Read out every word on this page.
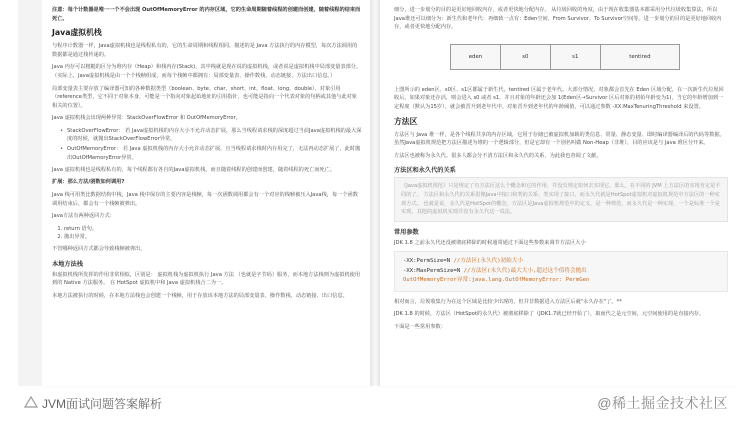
注意：每个计数器是唯一一个不会出现 OutOfMemoryError 的内存区域，它的生命周期随着线程的创建而创建，随着线程的结束而死亡。

Java虚拟机栈

与程序计数器一样，Java虚拟机栈也是线程私有的，它的生命周期和线程相同，描述的是 Java 方法执行的内存模型，每次方法调用的数据都是通过栈传递的。

Java 内存可以粗糙的区分为堆内存（Heap）和栈内存(Stack)，其中栈就是现在说的虚拟机栈，或者说是虚拟机栈中局部变量表部分。（实际上，Java虚拟机栈是由一个个栈帧组成，而每个栈帧中都拥有：局部变量表、操作数栈、动态链接、方法出口信息。）

局部变量表主要存放了编译器可知的各种数据类型（boolean、byte、char、short、int、float、long、double）、对象引用（reference类型，它不同于对象本身，可能是一个指向对象起始地址的引用指针，也可能是指向一个代表对象的句柄或其他与此对象相关的位置）。

Java 虚拟机栈会出现两种异常：StackOverFlowError 和 OutOfMemoryError。

• StackOverFlowError： 若 Java虚拟机栈的内存大小不允许动态扩展，那么当线程请求栈的深度超过当前Java虚拟机栈的最大深度的时候，就抛出StackOverFlowError异常。
• OutOfMemoryError： 若 Java 虚拟机栈的内存大小允许动态扩展，且当线程请求栈时内存用完了，无法再动态扩展了，此时抛出OutOfMemoryError异常。

Java 虚拟机栈也是线程私有的，每个线程都有各自的Java虚拟机栈，而且随着线程的创建而创建，随着线程的死亡而死亡。

扩展：那么方法/函数如何调用?

Java 栈可用类比数据结构中栈，Java 栈中保存的主要内容是栈帧，每一次函数调用都会有一个对应的栈帧被压入Java栈，每一个函数调用结束后，都会有一个栈帧被弹出。

Java方法有两种返回方式：

1. return 语句。
2. 抛出异常。

不管哪种返回方式都会导致栈帧被弹出。

本地方法栈

和虚拟机栈所发挥的作用非常相似，区别是： 虚拟机栈为虚拟机执行 Java 方法 （也就是字节码）服务，而本地方法栈则为虚拟机使用到的 Native 方法服务。 在 HotSpot 虚拟机中和 Java 虚拟机栈合二为一。

本地方法被执行的时候，在本地方法栈也会创建一个栈帧，用于存放该本地方法的局部变量表、操作数栈、动态链接、出口信息。

细分，进一步划分的目的是更好地回收内存，或者更快地分配内存。 从垃圾回收的角度，由于现在收集器基本都采用分代垃圾收集算法，所以Java堆还可以细分为：新生代和老年代：再细致一点有：Eden空间、From Survivor、To Survivor空间等。进一步划分的目的是更好地回收内存，或者更快地分配内存。

eden	s0	s1	tentired

上图所示的 eden区、s0区、s1区都属于新生代，tentired 区属于老年代。大部分情况，对象都会首先在 Eden 区域分配，在一次新生代垃圾回收后，如果对象还存活，则会进入 s0 或者 s1，并且对象的年龄还会加 1(Eden区→Survivor 区后对象的初始年龄变为1)，当它的年龄增加到一定程度（默认为15岁），就会被晋升到老年代中。对象晋升到老年代的年龄阈值，可以通过参数 -XX:MaxTenuringThreshold 来设置。

方法区

方法区与 Java 堆一样，是各个线程共享的内存区域，它用于存储已被虚拟机加载的类信息、常量、静态变量、即时编译器编译后的代码等数据。虽然Java虚拟机规范把方法区描述为堆的一个逻辑部分，但是它却有一个别名叫做 Non-Heap（非堆），目的应该是与 Java 堆区分开来。

方法区也被称为永久代。很多人都会分不清方法区和永久代的关系，为此我也查阅了文献。

方法区和永久代的关系

《Java虚拟机规范》只是规定了有方法区这么个概念和它的作用，并没有规定如何去实现它。那么，在不同的 JVM 上方法区的实现肯定是不同的了。 方法区和永久代的关系很像Java中接口和类的关系，类实现了接口，而永久代就是HotSpot虚拟机对虚拟机规范中方法区的一种实现方式。 也就是说，永久代是HotSpot的概念，方法区是Java虚拟机规范中的定义，是一种规范，而永久代是一种实现，一个是标准一个是实现，其他的虚拟机实现并没有永久代这一说法。

常用参数

JDK 1.8 之前永久代还没被彻底移除的时候通常通过下面这些参数来调节方法区大小

-XX:PermSize=N //方法区(永久代)初始大小
-XX:MaxPermSize=N //方法区(永久代)最大大小,超过这个值将会抛出
OutOfMemoryError异常:java.lang.OutOfMemoryError: PermGen

相对而言，垃圾收集行为在这个区域是比较少出现的，但并非数据进入方法区后就"永久存在"了。**

JDK 1.8 的时候，方法区（HotSpot的永久代）被彻底移除了（JDK1.7就已经开始了），取而代之是元空间，元空间使用的是直接内存。

下面是一些常用参数：

JVM面试问题答案解析	@稀土掘金技术社区
